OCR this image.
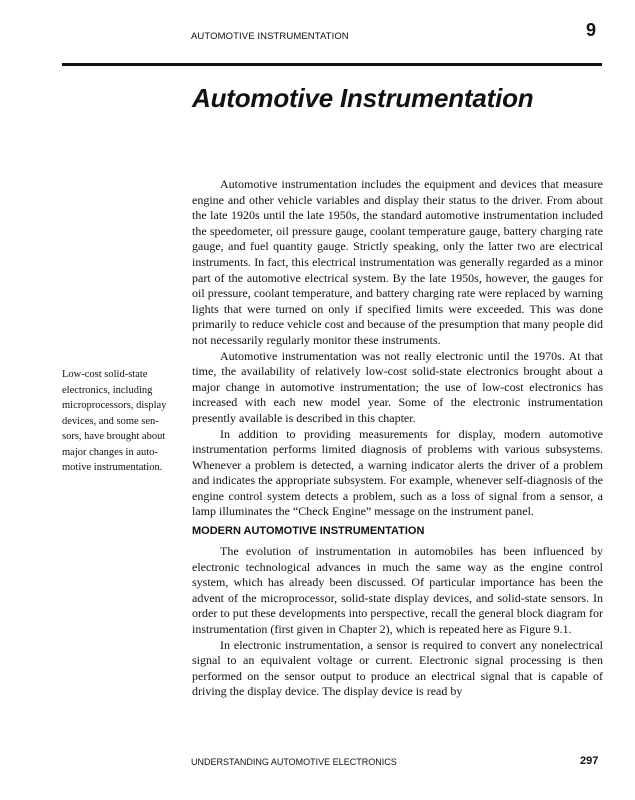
AUTOMOTIVE INSTRUMENTATION	9
Automotive Instrumentation
Low-cost solid-state
electronics, including
microprocessors, display
devices, and some sen-
sors, have brought about
major changes in auto-
motive instrumentation.

Automotive instrumentation includes the equipment and devices that measure engine and other vehicle variables and display their status to the driver. From about the late 1920s until the late 1950s, the standard automotive instrumentation included the speedometer, oil pressure gauge, coolant temperature gauge, battery charging rate gauge, and fuel quantity gauge. Strictly speaking, only the latter two are electrical instruments. In fact, this electrical instrumentation was generally regarded as a minor part of the automotive electrical system. By the late 1950s, however, the gauges for oil pressure, coolant temperature, and battery charging rate were replaced by warning lights that were turned on only if specified limits were exceeded. This was done primarily to reduce vehicle cost and because of the presumption that many people did not necessarily regularly monitor these instruments.

Automotive instrumentation was not really electronic until the 1970s. At that time, the availability of relatively low-cost solid-state electronics brought about a major change in automotive instrumentation; the use of low-cost electronics has increased with each new model year. Some of the electronic instrumentation presently available is described in this chapter.

In addition to providing measurements for display, modern automotive instrumentation performs limited diagnosis of problems with various subsystems. Whenever a problem is detected, a warning indicator alerts the driver of a problem and indicates the appropriate subsystem. For example, whenever self-diagnosis of the engine control system detects a problem, such as a loss of signal from a sensor, a lamp illuminates the “Check Engine” message on the instrument panel.

MODERN AUTOMOTIVE INSTRUMENTATION

The evolution of instrumentation in automobiles has been influenced by electronic technological advances in much the same way as the engine control system, which has already been discussed. Of particular importance has been the advent of the microprocessor, solid-state display devices, and solid-state sensors. In order to put these developments into perspective, recall the general block diagram for instrumentation (first given in Chapter 2), which is repeated here as Figure 9.1.

In electronic instrumentation, a sensor is required to convert any nonelectrical signal to an equivalent voltage or current. Electronic signal processing is then performed on the sensor output to produce an electrical signal that is capable of driving the display device. The display device is read by

UNDERSTANDING AUTOMOTIVE ELECTRONICS	297
